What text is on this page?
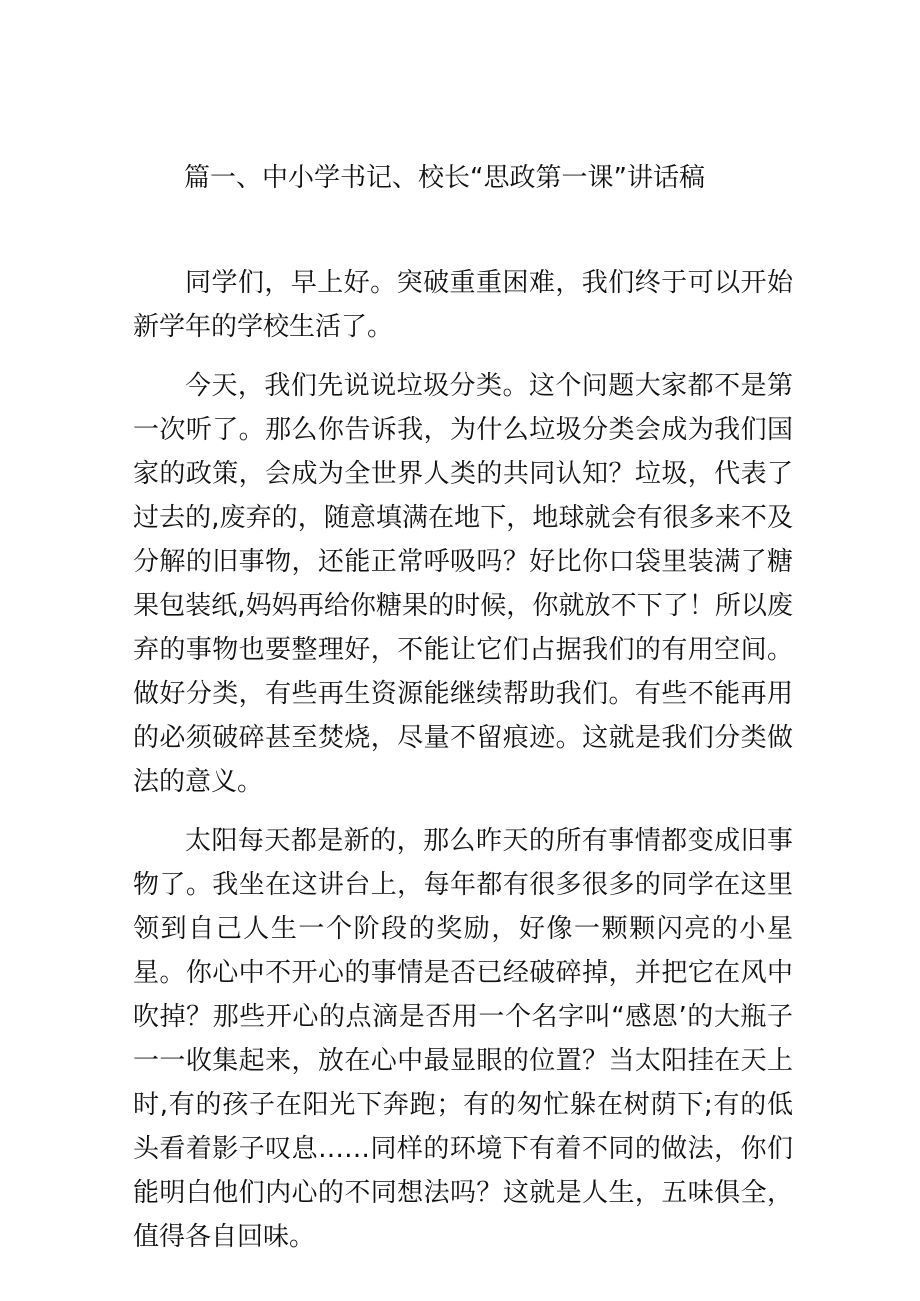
篇一、中小学书记、校长“思政第一课”讲话稿

同学们，早上好。突破重重困难，我们终于可以开始新学年的学校生活了。

今天，我们先说说垃圾分类。这个问题大家都不是第一次听了。那么你告诉我，为什么垃圾分类会成为我们国家的政策，会成为全世界人类的共同认知？垃圾，代表了过去的,废弃的，随意填满在地下，地球就会有很多来不及分解的旧事物，还能正常呼吸吗？好比你口袋里装满了糖果包装纸,妈妈再给你糖果的时候，你就放不下了！所以废弃的事物也要整理好，不能让它们占据我们的有用空间。做好分类，有些再生资源能继续帮助我们。有些不能再用的必须破碎甚至焚烧，尽量不留痕迹。这就是我们分类做法的意义。

太阳每天都是新的，那么昨天的所有事情都变成旧事物了。我坐在这讲台上，每年都有很多很多的同学在这里领到自己人生一个阶段的奖励，好像一颗颗闪亮的小星星。你心中不开心的事情是否已经破碎掉，并把它在风中吹掉？那些开心的点滴是否用一个名字叫“感恩’的大瓶子一一收集起来，放在心中最显眼的位置？当太阳挂在天上时,有的孩子在阳光下奔跑；有的匆忙躲在树荫下;有的低头看着影子叹息……同样的环境下有着不同的做法，你们能明白他们内心的不同想法吗？这就是人生，五味俱全，值得各自回味。
